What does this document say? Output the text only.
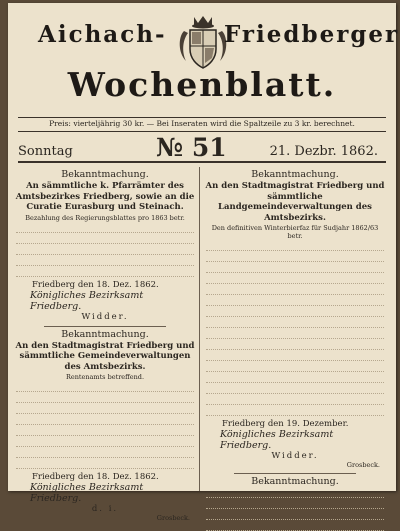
Aichach-	Friedberger
Wochenblatt.
Preis: vierteljährig 30 kr. — Bei Inseraten wird die Spaltzeile zu 3 kr. berechnet.
Sonntag	№ 51	21. Dezbr. 1862.
Bekanntmachung.
An sämmtliche k. Pfarrämter des Amtsbezirkes Friedberg, sowie an die Curatie Eurasburg und Steinach.
Bezahlung des Regierungsblattes pro 1863 betr.
Friedberg den 18. Dez. 1862.
Königliches Bezirksamt Friedberg.
Widder.
Bekanntmachung.
An den Stadtmagistrat Friedberg und sämmtliche Gemeindeverwaltungen des Amtsbezirks.
Rentenamts betreffend.
Friedberg den 18. Dez. 1862.
Königliches Bezirksamt Friedberg.
d. i.
Grosbeck.
Bekanntmachung.
An den Stadtmagistrat Friedberg und sämmtliche Landgemeindeverwaltungen des Amtsbezirks.
Den definitiven Winterbierfaz für Sudjahr 1862/63 betr.
Friedberg den 19. Dezember.
Königliches Bezirksamt Friedberg.
Widder.
Grosbeck.
Bekanntmachung.
